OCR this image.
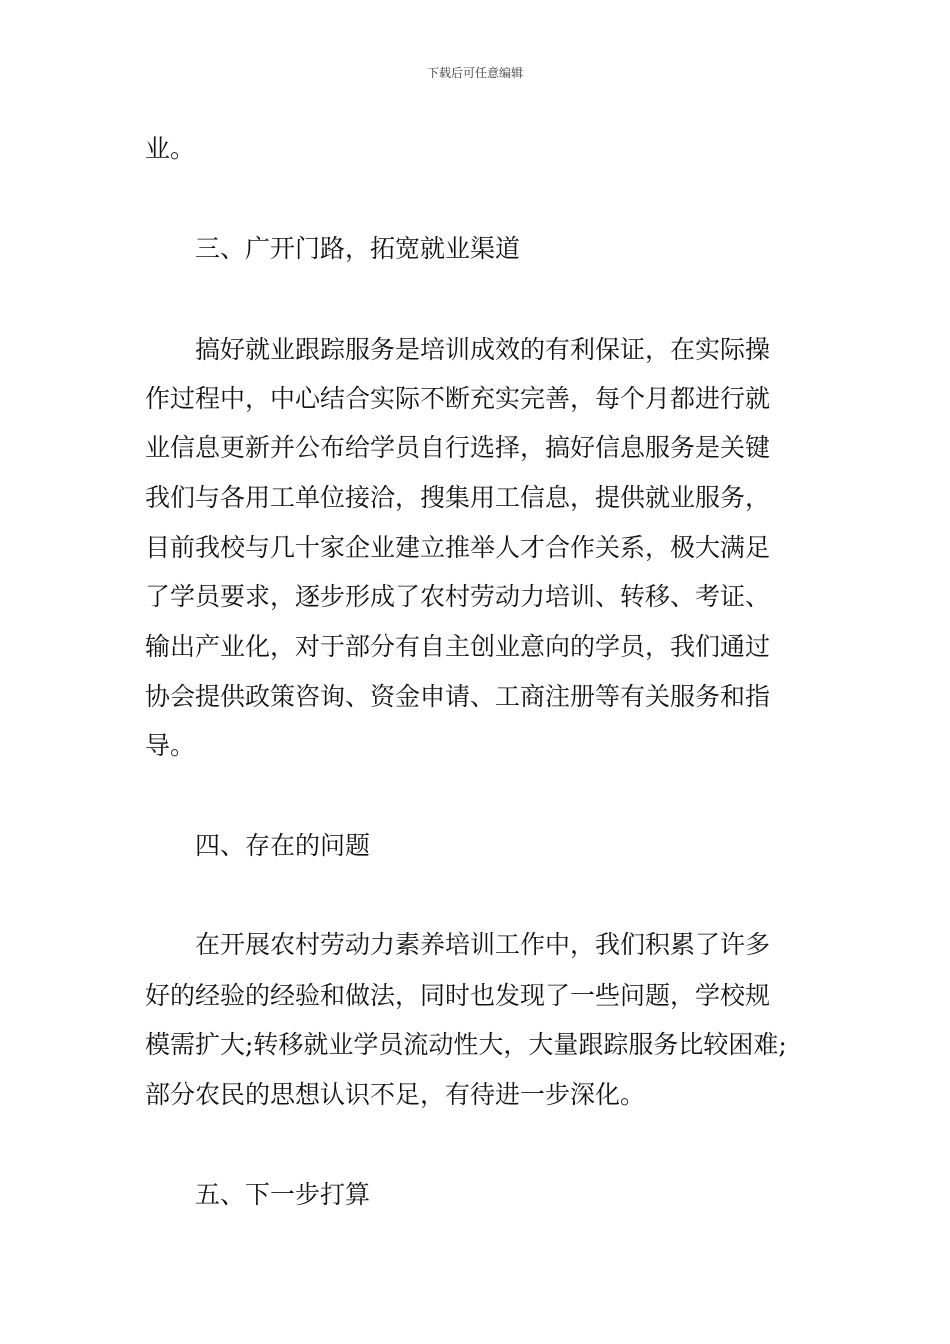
下载后可任意编辑
业。
　　三、广开门路，拓宽就业渠道
　　搞好就业跟踪服务是培训成效的有利保证，在实际操
作过程中，中心结合实际不断充实完善，每个月都进行就
业信息更新并公布给学员自行选择，搞好信息服务是关键
我们与各用工单位接洽，搜集用工信息，提供就业服务，
目前我校与几十家企业建立推举人才合作关系，极大满足
了学员要求，逐步形成了农村劳动力培训、转移、考证、
输出产业化，对于部分有自主创业意向的学员，我们通过
协会提供政策咨询、资金申请、工商注册等有关服务和指
导。
　　四、存在的问题
　　在开展农村劳动力素养培训工作中，我们积累了许多
好的经验的经验和做法，同时也发现了一些问题，学校规
模需扩大;转移就业学员流动性大，大量跟踪服务比较困难;
部分农民的思想认识不足，有待进一步深化。
　　五、下一步打算
